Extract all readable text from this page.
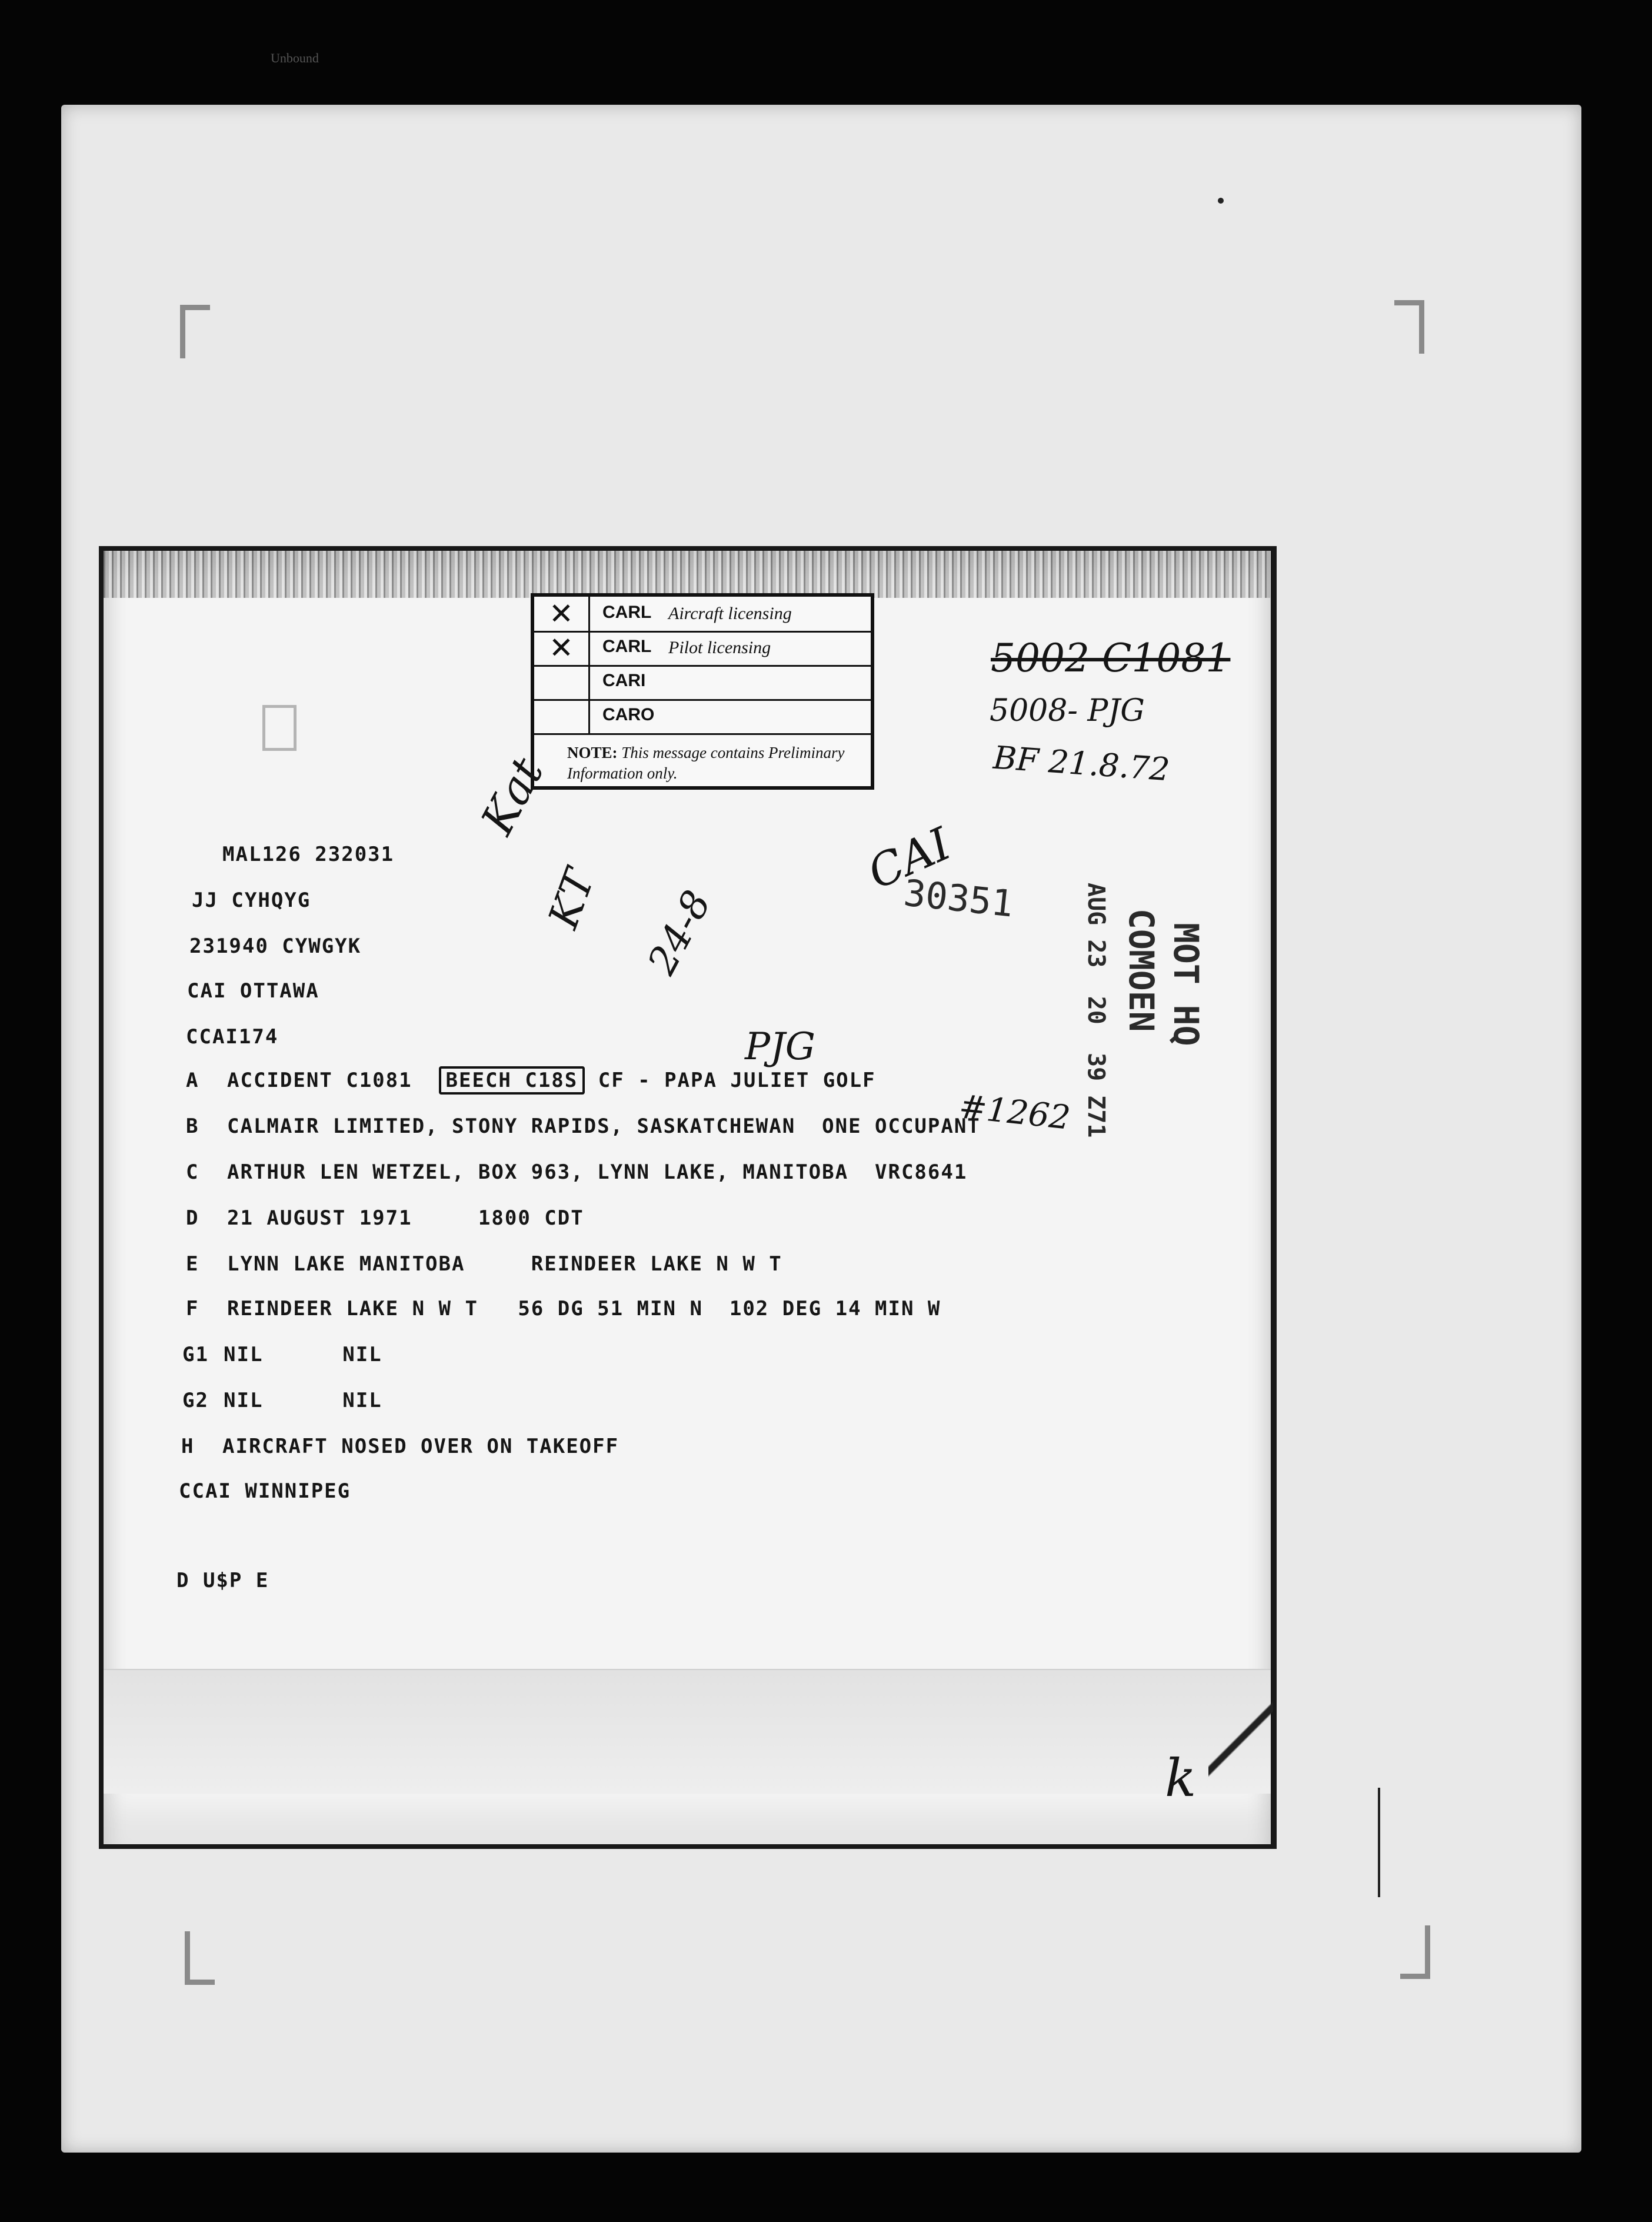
Unbound
✕	CARL Aircraft licensing
✕	CARL Pilot licensing
CARI
CARO
NOTE: This message contains Preliminary Information only.
5002 C1081
5008- PJG
BF 21.8.72
Kat
KT 24-8
CAI
PJG
#1262
k
30351
MOT HQ
COMOEN
AUG 23  20  39 Z71
MAL126 232031
JJ CYHQYG
231940 CYWGYK
CAI OTTAWA
CCAI174
A ACCIDENT C1081 BEECH C18S CF - PAPA JULIET GOLF
B CALMAIR LIMITED, STONY RAPIDS, SASKATCHEWAN  ONE OCCUPANT
C ARTHUR LEN WETZEL, BOX 963, LYNN LAKE, MANITOBA  VRC8641
D 21 AUGUST 1971     1800 CDT
E LYNN LAKE MANITOBA     REINDEER LAKE N W T
F REINDEER LAKE N W T   56 DG 51 MIN N  102 DEG 14 MIN W
G1 NIL      NIL
G2 NIL      NIL
H AIRCRAFT NOSED OVER ON TAKEOFF
CCAI WINNIPEG
D U$P E
